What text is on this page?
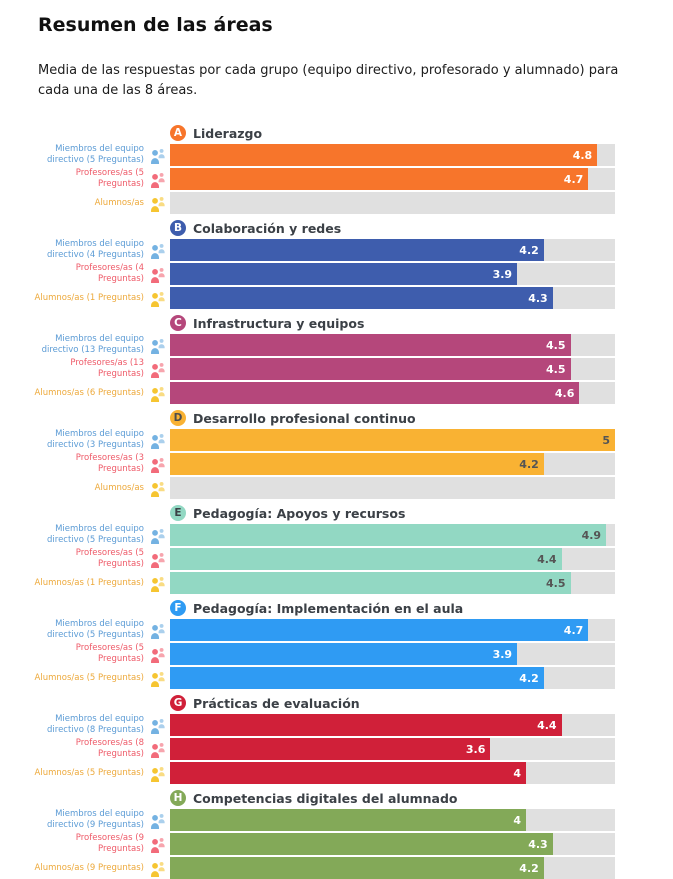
Resumen de las áreas

Media de las respuestas por cada grupo (equipo directivo, profesorado y alumnado) para cada una de las 8 áreas.

A Liderazgo
Miembros del equipo directivo (5 Preguntas)	4.8
Profesores/as (5 Preguntas)	4.7
Alumnos/as
B Colaboración y redes
Miembros del equipo directivo (4 Preguntas)	4.2
Profesores/as (4 Preguntas)	3.9
Alumnos/as (1 Preguntas)	4.3
C Infrastructura y equipos
Miembros del equipo directivo (13 Preguntas)	4.5
Profesores/as (13 Preguntas)	4.5
Alumnos/as (6 Preguntas)	4.6
D Desarrollo profesional continuo
Miembros del equipo directivo (3 Preguntas)	5
Profesores/as (3 Preguntas)	4.2
Alumnos/as
E Pedagogía: Apoyos y recursos
Miembros del equipo directivo (5 Preguntas)	4.9
Profesores/as (5 Preguntas)	4.4
Alumnos/as (1 Preguntas)	4.5
F Pedagogía: Implementación en el aula
Miembros del equipo directivo (5 Preguntas)	4.7
Profesores/as (5 Preguntas)	3.9
Alumnos/as (5 Preguntas)	4.2
G Prácticas de evaluación
Miembros del equipo directivo (8 Preguntas)	4.4
Profesores/as (8 Preguntas)	3.6
Alumnos/as (5 Preguntas)	4
H Competencias digitales del alumnado
Miembros del equipo directivo (9 Preguntas)	4
Profesores/as (9 Preguntas)	4.3
Alumnos/as (9 Preguntas)	4.2
